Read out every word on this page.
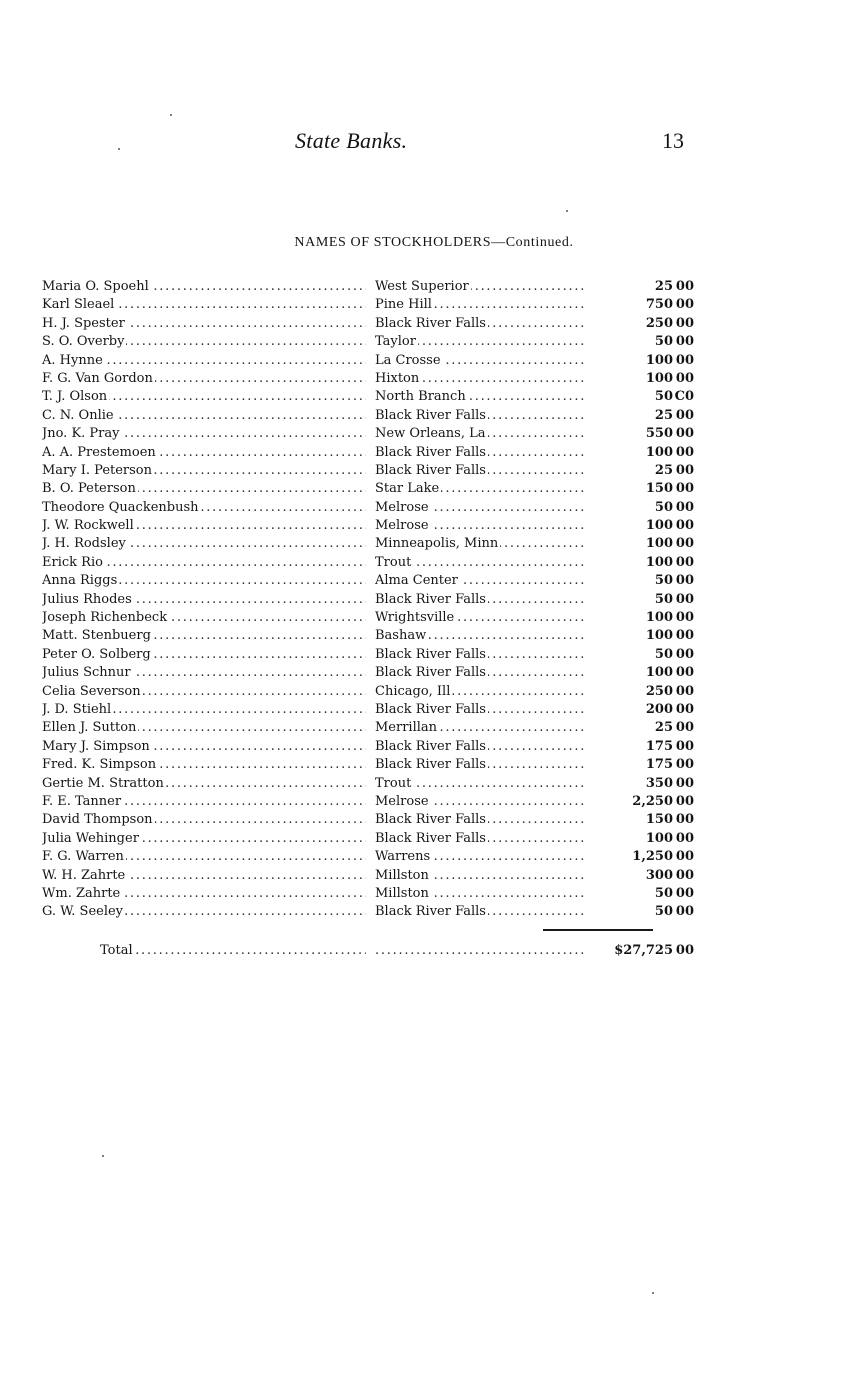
State Banks.	13
NAMES OF STOCKHOLDERS—Continued.
. . .
Maria O. Spoehl . . .	West Superior	25 00
. . .
Karl Sleael . . .	Pine Hill	750 00
. . .
H. J. Spester . . .	Black River Falls	250 00
. . .
S. O. Overby . . .	Taylor	50 00
. . .
A. Hynne . . .	La Crosse	100 00
. . .
F. G. Van Gordon . . .	Hixton	100 00
. . .
T. J. Olson . . .	North Branch	50 C0
. . .
C. N. Onlie . . .	Black River Falls	25 00
. . .
Jno. K. Pray . . .	New Orleans, La	550 00
. . .
A. A. Prestemoen . . .	Black River Falls	100 00
. . .
Mary I. Peterson . . .	Black River Falls	25 00
. . .
B. O. Peterson . . .	Star Lake	150 00
. . .
Theodore Quackenbush . . .	Melrose	50 00
. . .
J. W. Rockwell . . .	Melrose	100 00
. . .
J. H. Rodsley . . .	Minneapolis, Minn	100 00
. . .
Erick Rio . . .	Trout	100 00
. . .
Anna Riggs . . .	Alma Center	50 00
. . .
Julius Rhodes . . .	Black River Falls	50 00
. . .
Joseph Richenbeck . . .	Wrightsville	100 00
. . .
Matt. Stenbuerg . . .	Bashaw	100 00
. . .
Peter O. Solberg . . .	Black River Falls	50 00
. . .
Julius Schnur . . .	Black River Falls	100 00
. . .
Celia Severson . . .	Chicago, Ill	250 00
. . .
J. D. Stiehl . . .	Black River Falls	200 00
. . .
Ellen J. Sutton . . .	Merrillan	25 00
. . .
Mary J. Simpson . . .	Black River Falls	175 00
. . .
Fred. K. Simpson . . .	Black River Falls	175 00
. . .
Gertie M. Stratton . . .	Trout	350 00
. . .
F. E. Tanner . . .	Melrose	2,250 00
. . .
David Thompson . . .	Black River Falls	150 00
. . .
Julia Wehinger . . .	Black River Falls	100 00
. . .
F. G. Warren . . .	Warrens	1,250 00
. . .
W. H. Zahrte . . .	Millston	300 00
. . .
Wm. Zahrte . . .	Millston	50 00
. . .
G. W. Seeley . . .	Black River Falls	50 00
. . .
Total . . .	$27,725 00
